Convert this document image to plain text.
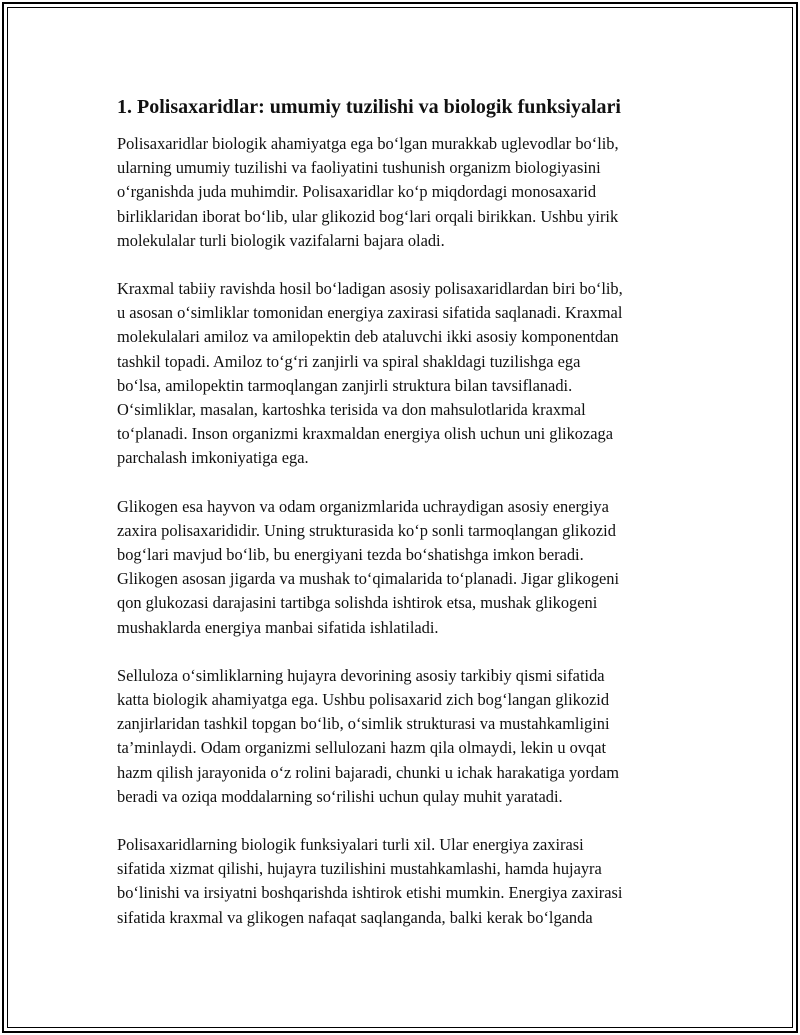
1. Polisaxaridlar: umumiy tuzilishi va biologik funksiyalari

Polisaxaridlar biologik ahamiyatga ega bo‘lgan murakkab uglevodlar bo‘lib,
ularning umumiy tuzilishi va faoliyatini tushunish organizm biologiyasini
o‘rganishda juda muhimdir. Polisaxaridlar ko‘p miqdordagi monosaxarid
birliklaridan iborat bo‘lib, ular glikozid bog‘lari orqali birikkan. Ushbu yirik
molekulalar turli biologik vazifalarni bajara oladi.

Kraxmal tabiiy ravishda hosil bo‘ladigan asosiy polisaxaridlardan biri bo‘lib,
u asosan o‘simliklar tomonidan energiya zaxirasi sifatida saqlanadi. Kraxmal
molekulalari amiloz va amilopektin deb ataluvchi ikki asosiy komponentdan
tashkil topadi. Amiloz to‘g‘ri zanjirli va spiral shakldagi tuzilishga ega
bo‘lsa, amilopektin tarmoqlangan zanjirli struktura bilan tavsiflanadi.
O‘simliklar, masalan, kartoshka terisida va don mahsulotlarida kraxmal
to‘planadi. Inson organizmi kraxmaldan energiya olish uchun uni glikozaga
parchalash imkoniyatiga ega.

Glikogen esa hayvon va odam organizmlarida uchraydigan asosiy energiya
zaxira polisaxarididir. Uning strukturasida ko‘p sonli tarmoqlangan glikozid
bog‘lari mavjud bo‘lib, bu energiyani tezda bo‘shatishga imkon beradi.
Glikogen asosan jigarda va mushak to‘qimalarida to‘planadi. Jigar glikogeni
qon glukozasi darajasini tartibga solishda ishtirok etsa, mushak glikogeni
mushaklarda energiya manbai sifatida ishlatiladi.

Selluloza o‘simliklarning hujayra devorining asosiy tarkibiy qismi sifatida
katta biologik ahamiyatga ega. Ushbu polisaxarid zich bog‘langan glikozid
zanjirlaridan tashkil topgan bo‘lib, o‘simlik strukturasi va mustahkamligini
ta’minlaydi. Odam organizmi sellulozani hazm qila olmaydi, lekin u ovqat
hazm qilish jarayonida o‘z rolini bajaradi, chunki u ichak harakatiga yordam
beradi va oziqa moddalarning so‘rilishi uchun qulay muhit yaratadi.

Polisaxaridlarning biologik funksiyalari turli xil. Ular energiya zaxirasi
sifatida xizmat qilishi, hujayra tuzilishini mustahkamlashi, hamda hujayra
bo‘linishi va irsiyatni boshqarishda ishtirok etishi mumkin. Energiya zaxirasi
sifatida kraxmal va glikogen nafaqat saqlanganda, balki kerak bo‘lganda
